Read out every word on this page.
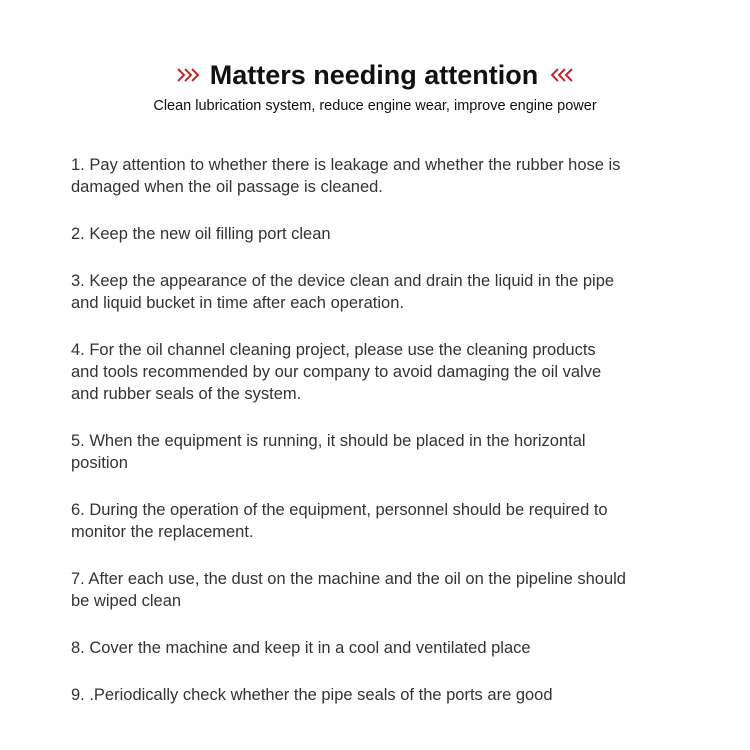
Matters needing attention
Clean lubrication system, reduce engine wear, improve engine power
1. Pay attention to whether there is leakage and whether the rubber hose is
damaged when the oil passage is cleaned.
2. Keep the new oil filling port clean
3. Keep the appearance of the device clean and drain the liquid in the pipe
and liquid bucket in time after each operation.
4. For the oil channel cleaning project, please use the cleaning products
and tools recommended by our company to avoid damaging the oil valve
and rubber seals of the system.
5. When the equipment is running, it should be placed in the horizontal
position
6. During the operation of the equipment, personnel should be required to
monitor the replacement.
7. After each use, the dust on the machine and the oil on the pipeline should
be wiped clean
8. Cover the machine and keep it in a cool and ventilated place
9. .Periodically check whether the pipe seals of the ports are good
